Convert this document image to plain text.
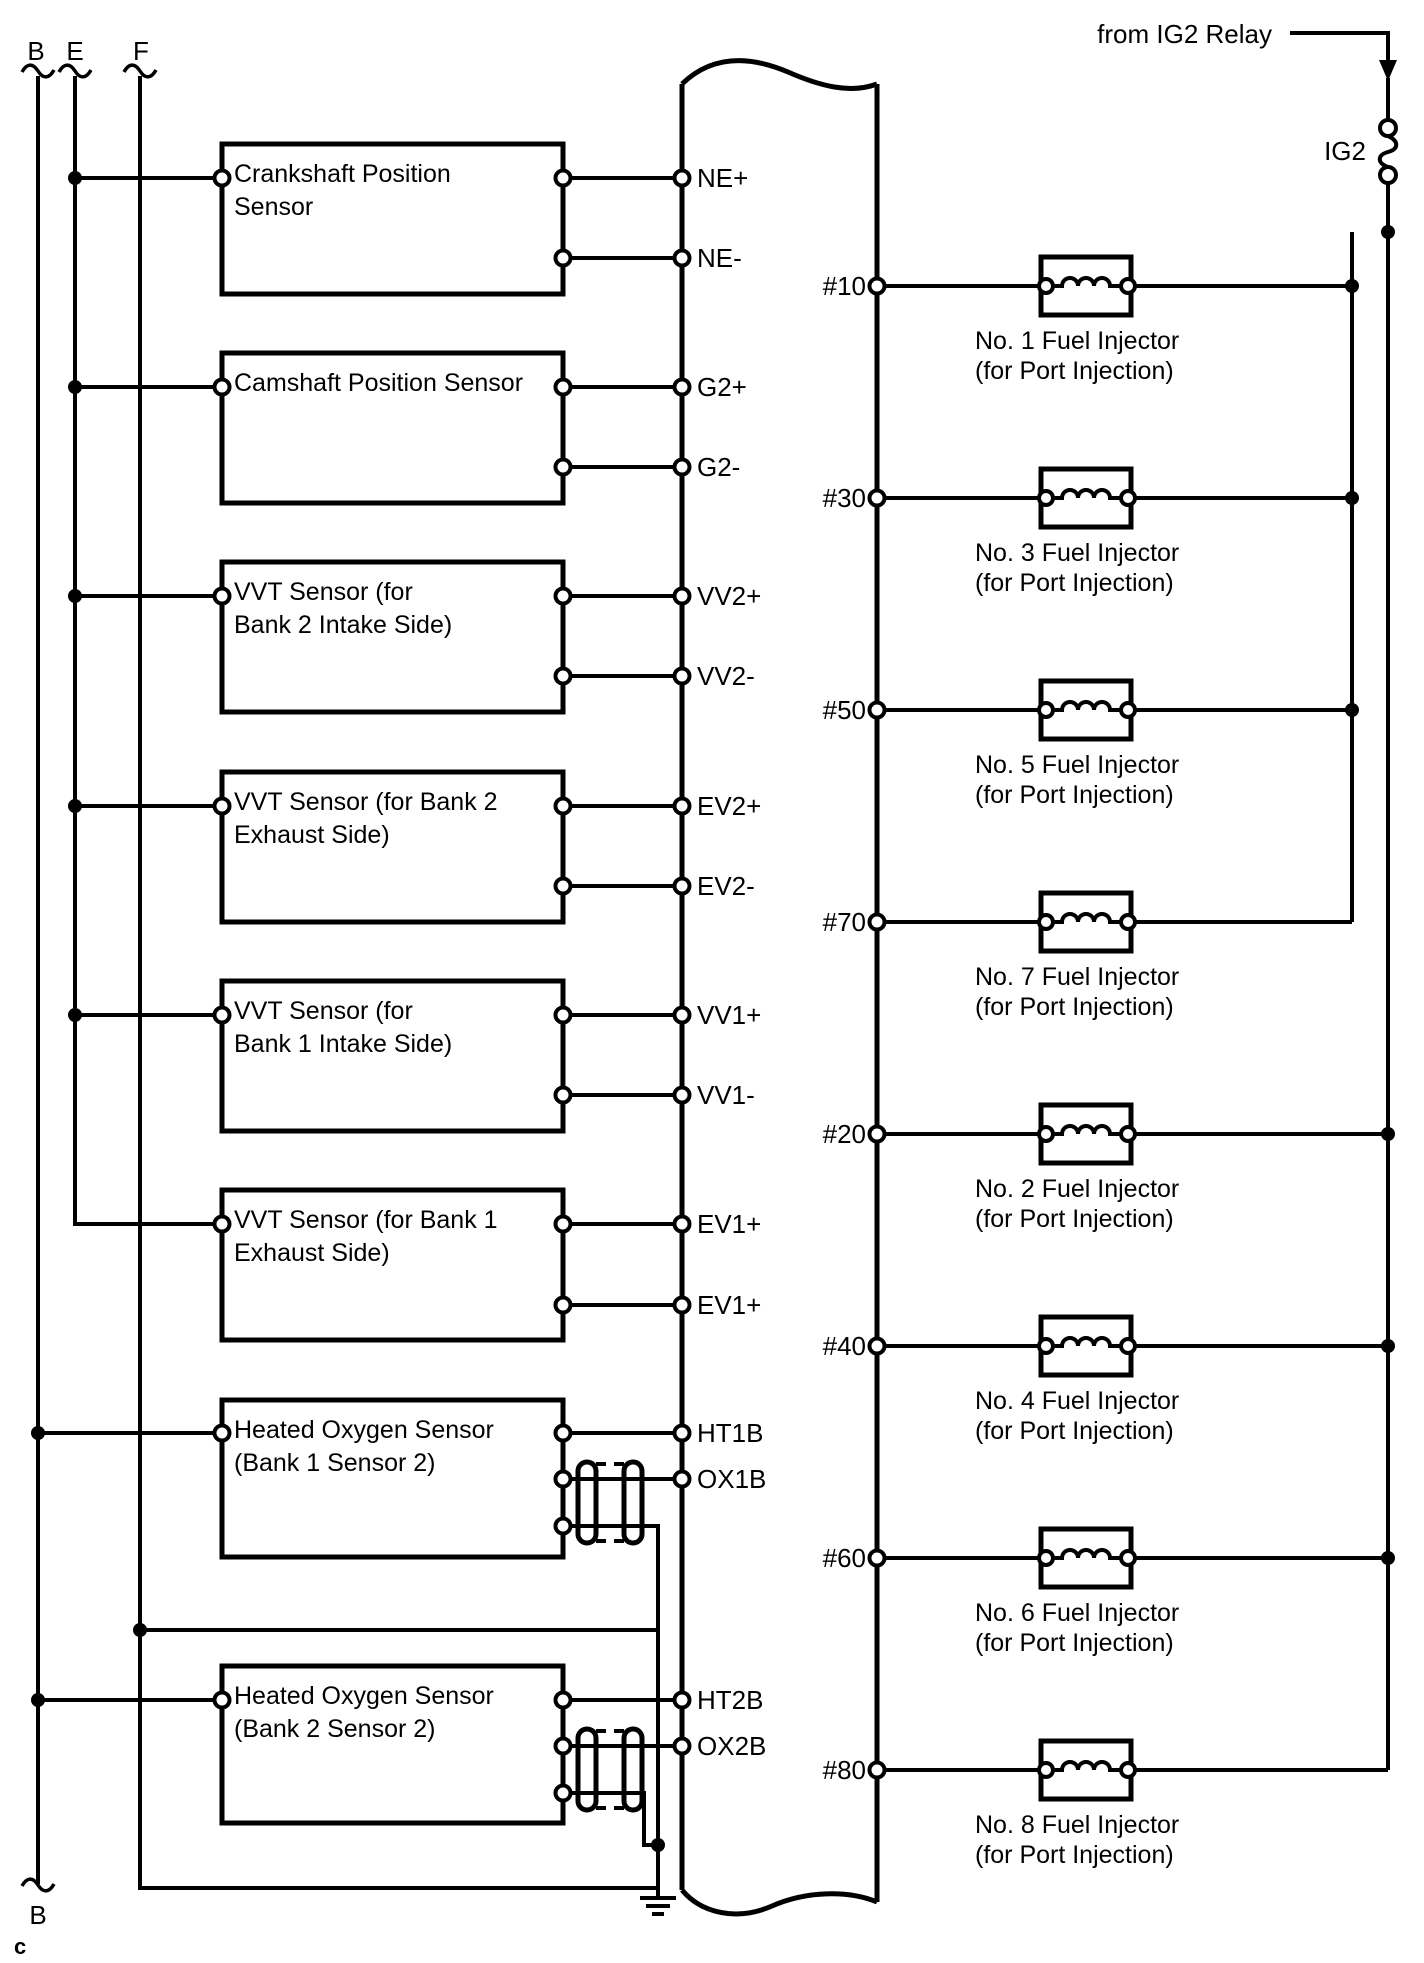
B E F
B
c
from IG2 Relay
IG2
Crankshaft Position
Sensor
Camshaft Position Sensor
VVT Sensor (for
Bank 2 Intake Side)
VVT Sensor (for Bank 2
Exhaust Side)
VVT Sensor (for
Bank 1 Intake Side)
VVT Sensor (for Bank 1
Exhaust Side)
Heated Oxygen Sensor
(Bank 1 Sensor 2)
Heated Oxygen Sensor
(Bank 2 Sensor 2)
NE+
NE-
G2+
G2-
VV2+
VV2-
EV2+
EV2-
VV1+
VV1-
EV1+
EV1+
HT1B
OX1B
HT2B
OX2B
#10
#30
#50
#70
#20
#40
#60
#80
No. 1 Fuel Injector
(for Port Injection)
No. 3 Fuel Injector
(for Port Injection)
No. 5 Fuel Injector
(for Port Injection)
No. 7 Fuel Injector
(for Port Injection)
No. 2 Fuel Injector
(for Port Injection)
No. 4 Fuel Injector
(for Port Injection)
No. 6 Fuel Injector
(for Port Injection)
No. 8 Fuel Injector
(for Port Injection)
